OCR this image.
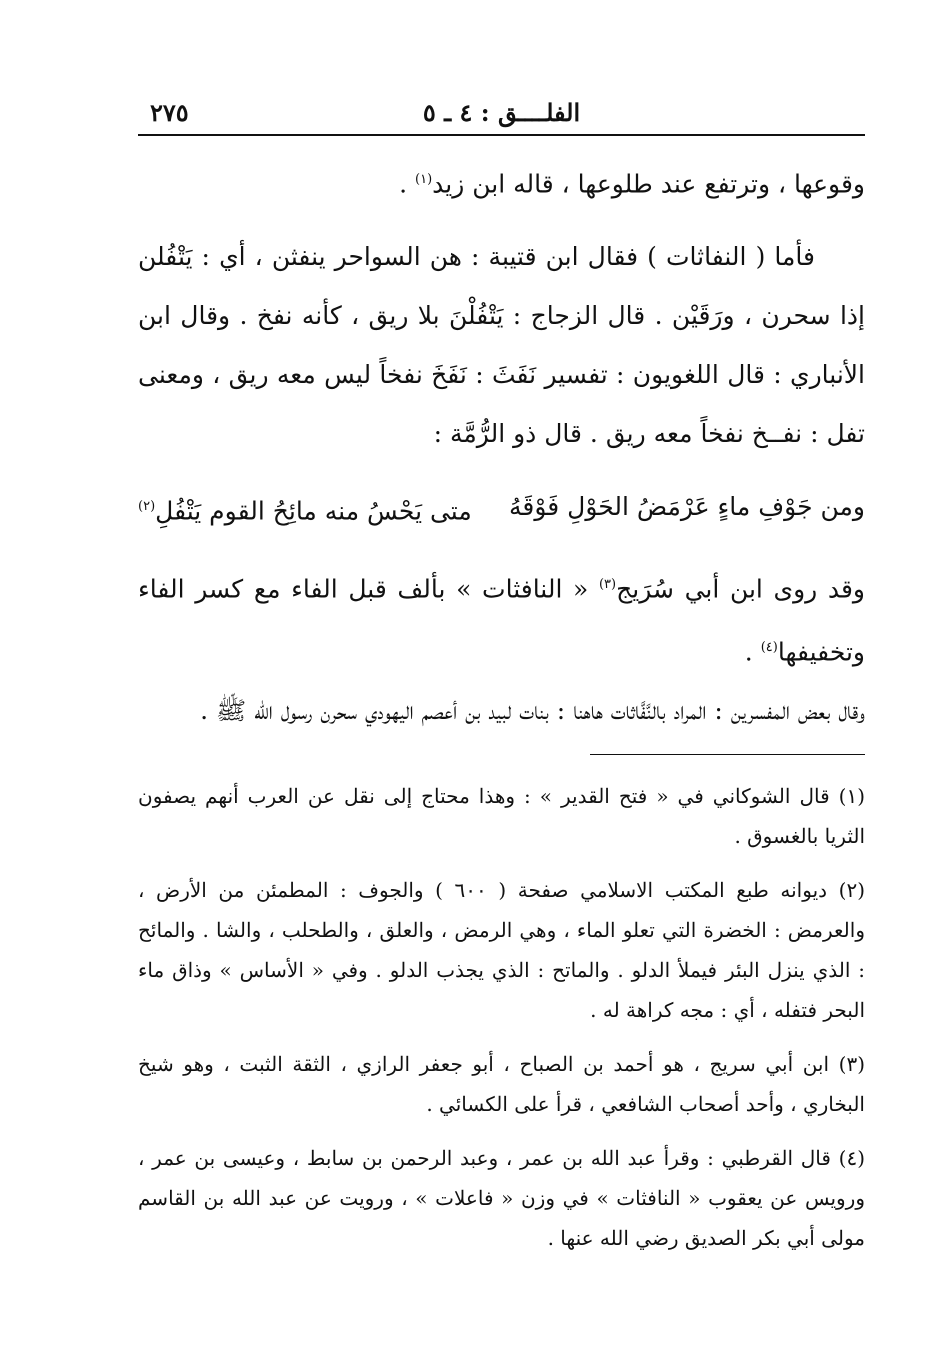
٢٧٥	الفلــــق : ٤ ـ ٥

وقوعها ، وترتفع عند طلوعها ، قاله ابن زيد$^{(١)}$ .

فأما ( النفاثات ) فقال ابن قتيبة : هن السواحر ينفثن ، أي : يَتْفُلن إذا سحرن ، ورَقَيْن . قال الزجاج : يَتْفُلْنَ بلا ريق ، كأنه نفخ . وقال ابن الأنباري : قال اللغويون : تفسير نَفَثَ : نَفَخَ نفخاً ليس معه ريق ، ومعنى تفل : نفــخ نفخاً معه ريق . قال ذو الرُّمَّة :

ومن جَوْفِ ماءٍ عَرْمَضُ الحَوْلِ فَوْقَهُ
متى يَحْسُ منه مائِحُ القوم يَتْفُلِ$^{(٢)}$

وقد روى ابن أبي سُرَيج$^{(٣)}$ « النافثات » بألف قبل الفاء مع كسر الفاء وتخفيفها$^{(٤)}$ .

وقال بعض المفسرين : المراد بالنَّفَّاثات هاهنا : بنات لبيد بن أعصم اليهودي سحرن رسول الله ﷺ .

(١) قال الشوكاني في « فتح القدير » : وهذا محتاج إلى نقل عن العرب أنهم يصفون الثريا بالغسوق .

(٢) ديوانه طبع المكتب الاسلامي صفحة ( ٦٠٠ ) والجوف : المطمئن من الأرض ، والعرمض : الخضرة التي تعلو الماء ، وهي الرمض ، والعلق ، والطحلب ، والشا . والمائح : الذي ينزل البئر فيملأ الدلو . والماتح : الذي يجذب الدلو . وفي « الأساس » وذاق ماء البحر فتفله ، أي : مجه كراهة له .

(٣) ابن أبي سريج ، هو أحمد بن الصباح ، أبو جعفر الرازي ، الثقة الثبت ، وهو شيخ البخاري ، وأحد أصحاب الشافعي ، قرأ على الكسائي .

(٤) قال القرطبي : وقرأ عبد الله بن عمر ، وعبد الرحمن بن سابط ، وعيسى بن عمر ، ورويس عن يعقوب « النافثات » في وزن « فاعلات » ، ورويت عن عبد الله بن القاسم مولى أبي بكر الصديق رضي الله عنها .
